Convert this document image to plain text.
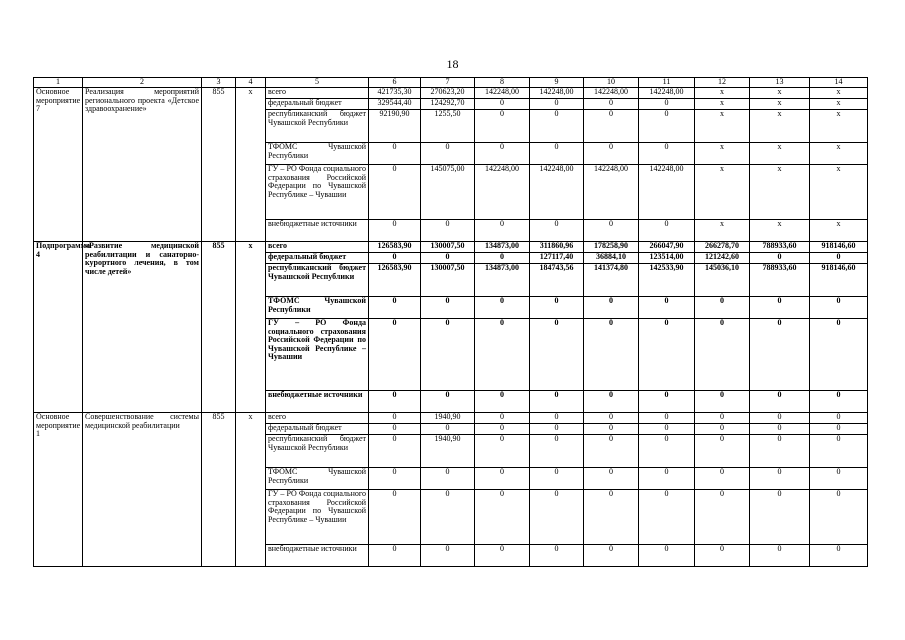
18
1	2	3	4	5	6	7	8	9	10	11	12	13	14
Основное мероприятие 7	Реализация мероприятий регионального проекта «Детское здравоохранение»	855	x	всего	421735,30	270623,20	142248,00	142248,00	142248,00	142248,00	x	x	x
				федеральный бюджет	329544,40	124292,70	0	0	0	0	x	x	x
				республиканский бюджет Чувашской Республики	92190,90	1255,50	0	0	0	0	x	x	x
				ТФОМС Чувашской Республики	0	0	0	0	0	0	x	x	x
				ГУ – РО Фонда социального страхования Российской Федерации по Чувашской Республике – Чувашии	0	145075,00	142248,00	142248,00	142248,00	142248,00	x	x	x
				внебюджетные источники	0	0	0	0	0	0	x	x	x
Подпрограмма 4	«Развитие медицинской реабилитации и санаторно-курортного лечения, в том числе детей»	855	x	всего	126583,90	130007,50	134873,00	311860,96	178258,90	266047,90	266278,70	788933,60	918146,60
				федеральный бюджет	0	0	0	127117,40	36884,10	123514,00	121242,60	0	0
				республиканский бюджет Чувашской Республики	126583,90	130007,50	134873,00	184743,56	141374,80	142533,90	145036,10	788933,60	918146,60
				ТФОМС Чувашской Республики	0	0	0	0	0	0	0	0	0
				ГУ – РО Фонда социального страхования Российской Федерации по Чувашской Республике – Чувашии	0	0	0	0	0	0	0	0	0
				внебюджетные источники	0	0	0	0	0	0	0	0	0
Основное мероприятие 1	Совершенствование системы медицинской реабилитации	855	x	всего	0	1940,90	0	0	0	0	0	0	0
				федеральный бюджет	0	0	0	0	0	0	0	0	0
				республиканский бюджет Чувашской Республики	0	1940,90	0	0	0	0	0	0	0
				ТФОМС Чувашской Республики	0	0	0	0	0	0	0	0	0
				ГУ – РО Фонда социального страхования Российской Федерации по Чувашской Республике – Чувашии	0	0	0	0	0	0	0	0	0
				внебюджетные источники	0	0	0	0	0	0	0	0	0
